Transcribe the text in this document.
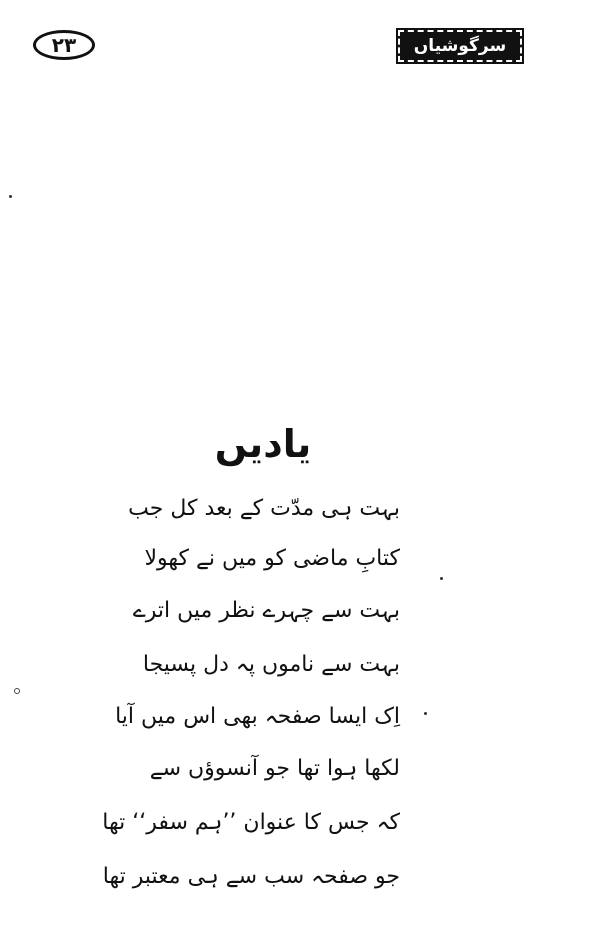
٢٣	سرگوشیاں
یادیں
بہت ہی مدّت کے بعد کل جب
کتابِ ماضی کو میں نے کھولا
بہت سے چہرے نظر میں اترے
بہت سے ناموں پہ دل پسیجا
اِک ایسا صفحہ بھی اس میں آیا
لکھا ہوا تھا جو آنسوؤں سے
کہ جس کا عنوان ’’ہم سفر‘‘ تھا
جو صفحہ سب سے ہی معتبر تھا
